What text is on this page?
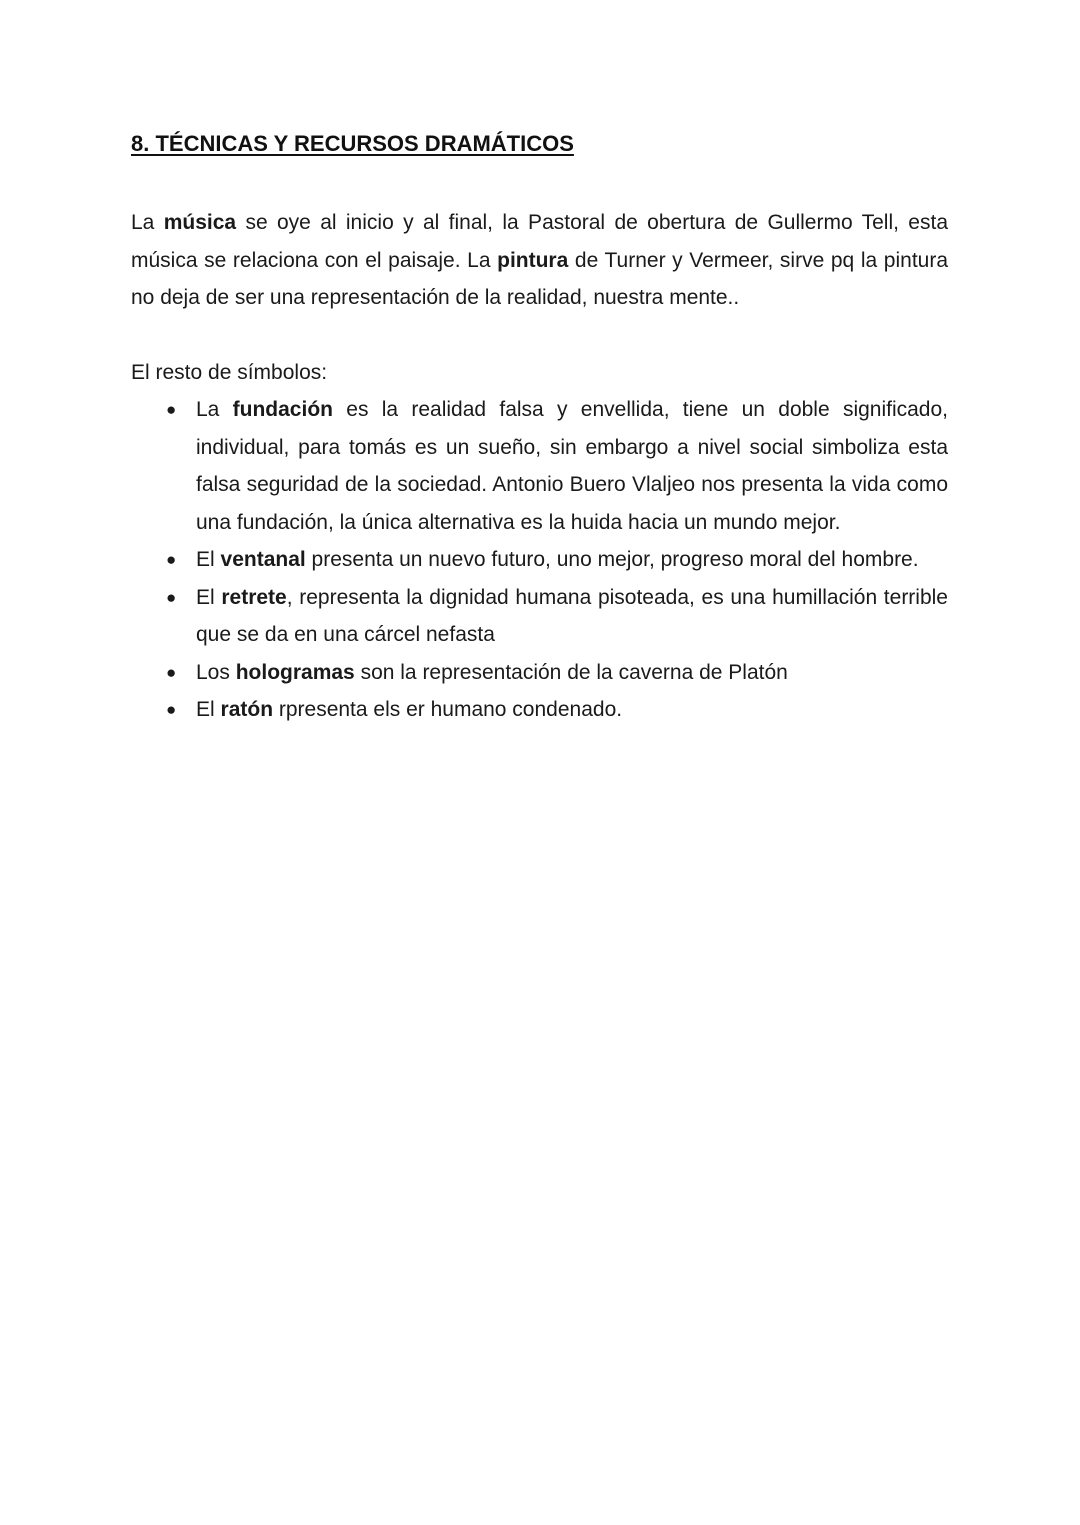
8. TÉCNICAS Y RECURSOS DRAMÁTICOS

La música se oye al inicio y al final, la Pastoral de obertura de Gullermo Tell, esta música se relaciona con el paisaje. La pintura de Turner y Vermeer, sirve pq la pintura no deja de ser una representación de la realidad, nuestra mente..

El resto de símbolos:

● La fundación es la realidad falsa y envellida, tiene un doble significado, individual, para tomás es un sueño, sin embargo a nivel social simboliza esta falsa seguridad de la sociedad. Antonio Buero Vlaljeo nos presenta la vida como una fundación, la única alternativa es la huida hacia un mundo mejor.
● El ventanal presenta un nuevo futuro, uno mejor, progreso moral del hombre.
● El retrete, representa la dignidad humana pisoteada, es una humillación terrible que se da en una cárcel nefasta
● Los hologramas son la representación de la caverna de Platón
● El ratón rpresenta els er humano condenado.
